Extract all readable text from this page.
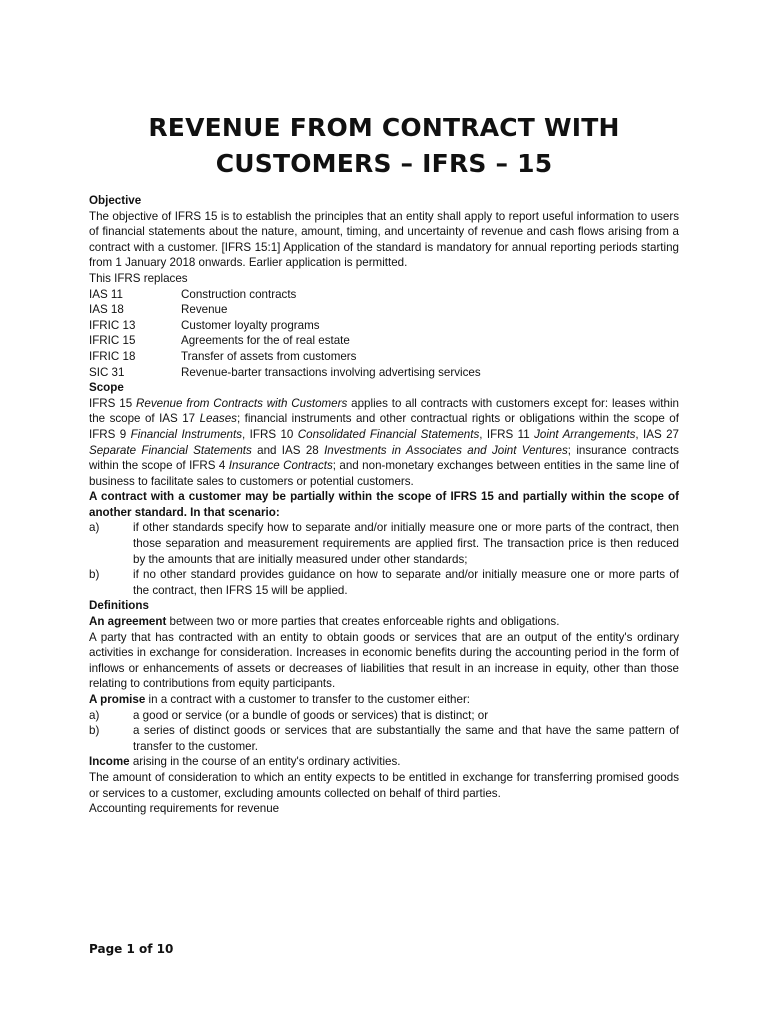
REVENUE FROM CONTRACT WITH
CUSTOMERS – IFRS – 15
Objective
The objective of IFRS 15 is to establish the principles that an entity shall apply to report useful information to users of financial statements about the nature, amount, timing, and uncertainty of revenue and cash flows arising from a contract with a customer. [IFRS 15:1] Application of the standard is mandatory for annual reporting periods starting from 1 January 2018 onwards. Earlier application is permitted.
This IFRS replaces
IAS 11	Construction contracts
IAS 18	Revenue
IFRIC 13	Customer loyalty programs
IFRIC 15	Agreements for the of real estate
IFRIC 18	Transfer of assets from customers
SIC 31	Revenue-barter transactions involving advertising services
Scope
IFRS 15 Revenue from Contracts with Customers applies to all contracts with customers except for: leases within the scope of IAS 17 Leases; financial instruments and other contractual rights or obligations within the scope of IFRS 9 Financial Instruments, IFRS 10 Consolidated Financial Statements, IFRS 11 Joint Arrangements, IAS 27 Separate Financial Statements and IAS 28 Investments in Associates and Joint Ventures; insurance contracts within the scope of IFRS 4 Insurance Contracts; and non-monetary exchanges between entities in the same line of business to facilitate sales to customers or potential customers.
A contract with a customer may be partially within the scope of IFRS 15 and partially within the scope of another standard. In that scenario:
a)	if other standards specify how to separate and/or initially measure one or more parts of the contract, then those separation and measurement requirements are applied first. The transaction price is then reduced by the amounts that are initially measured under other standards;
b)	if no other standard provides guidance on how to separate and/or initially measure one or more parts of the contract, then IFRS 15 will be applied.
Definitions
An agreement between two or more parties that creates enforceable rights and obligations.
A party that has contracted with an entity to obtain goods or services that are an output of the entity's ordinary activities in exchange for consideration. Increases in economic benefits during the accounting period in the form of inflows or enhancements of assets or decreases of liabilities that result in an increase in equity, other than those relating to contributions from equity participants.
A promise in a contract with a customer to transfer to the customer either:
a)	a good or service (or a bundle of goods or services) that is distinct; or
b)	a series of distinct goods or services that are substantially the same and that have the same pattern of transfer to the customer.
Income arising in the course of an entity's ordinary activities.
The amount of consideration to which an entity expects to be entitled in exchange for transferring promised goods or services to a customer, excluding amounts collected on behalf of third parties.
Accounting requirements for revenue
Page 1 of 10
